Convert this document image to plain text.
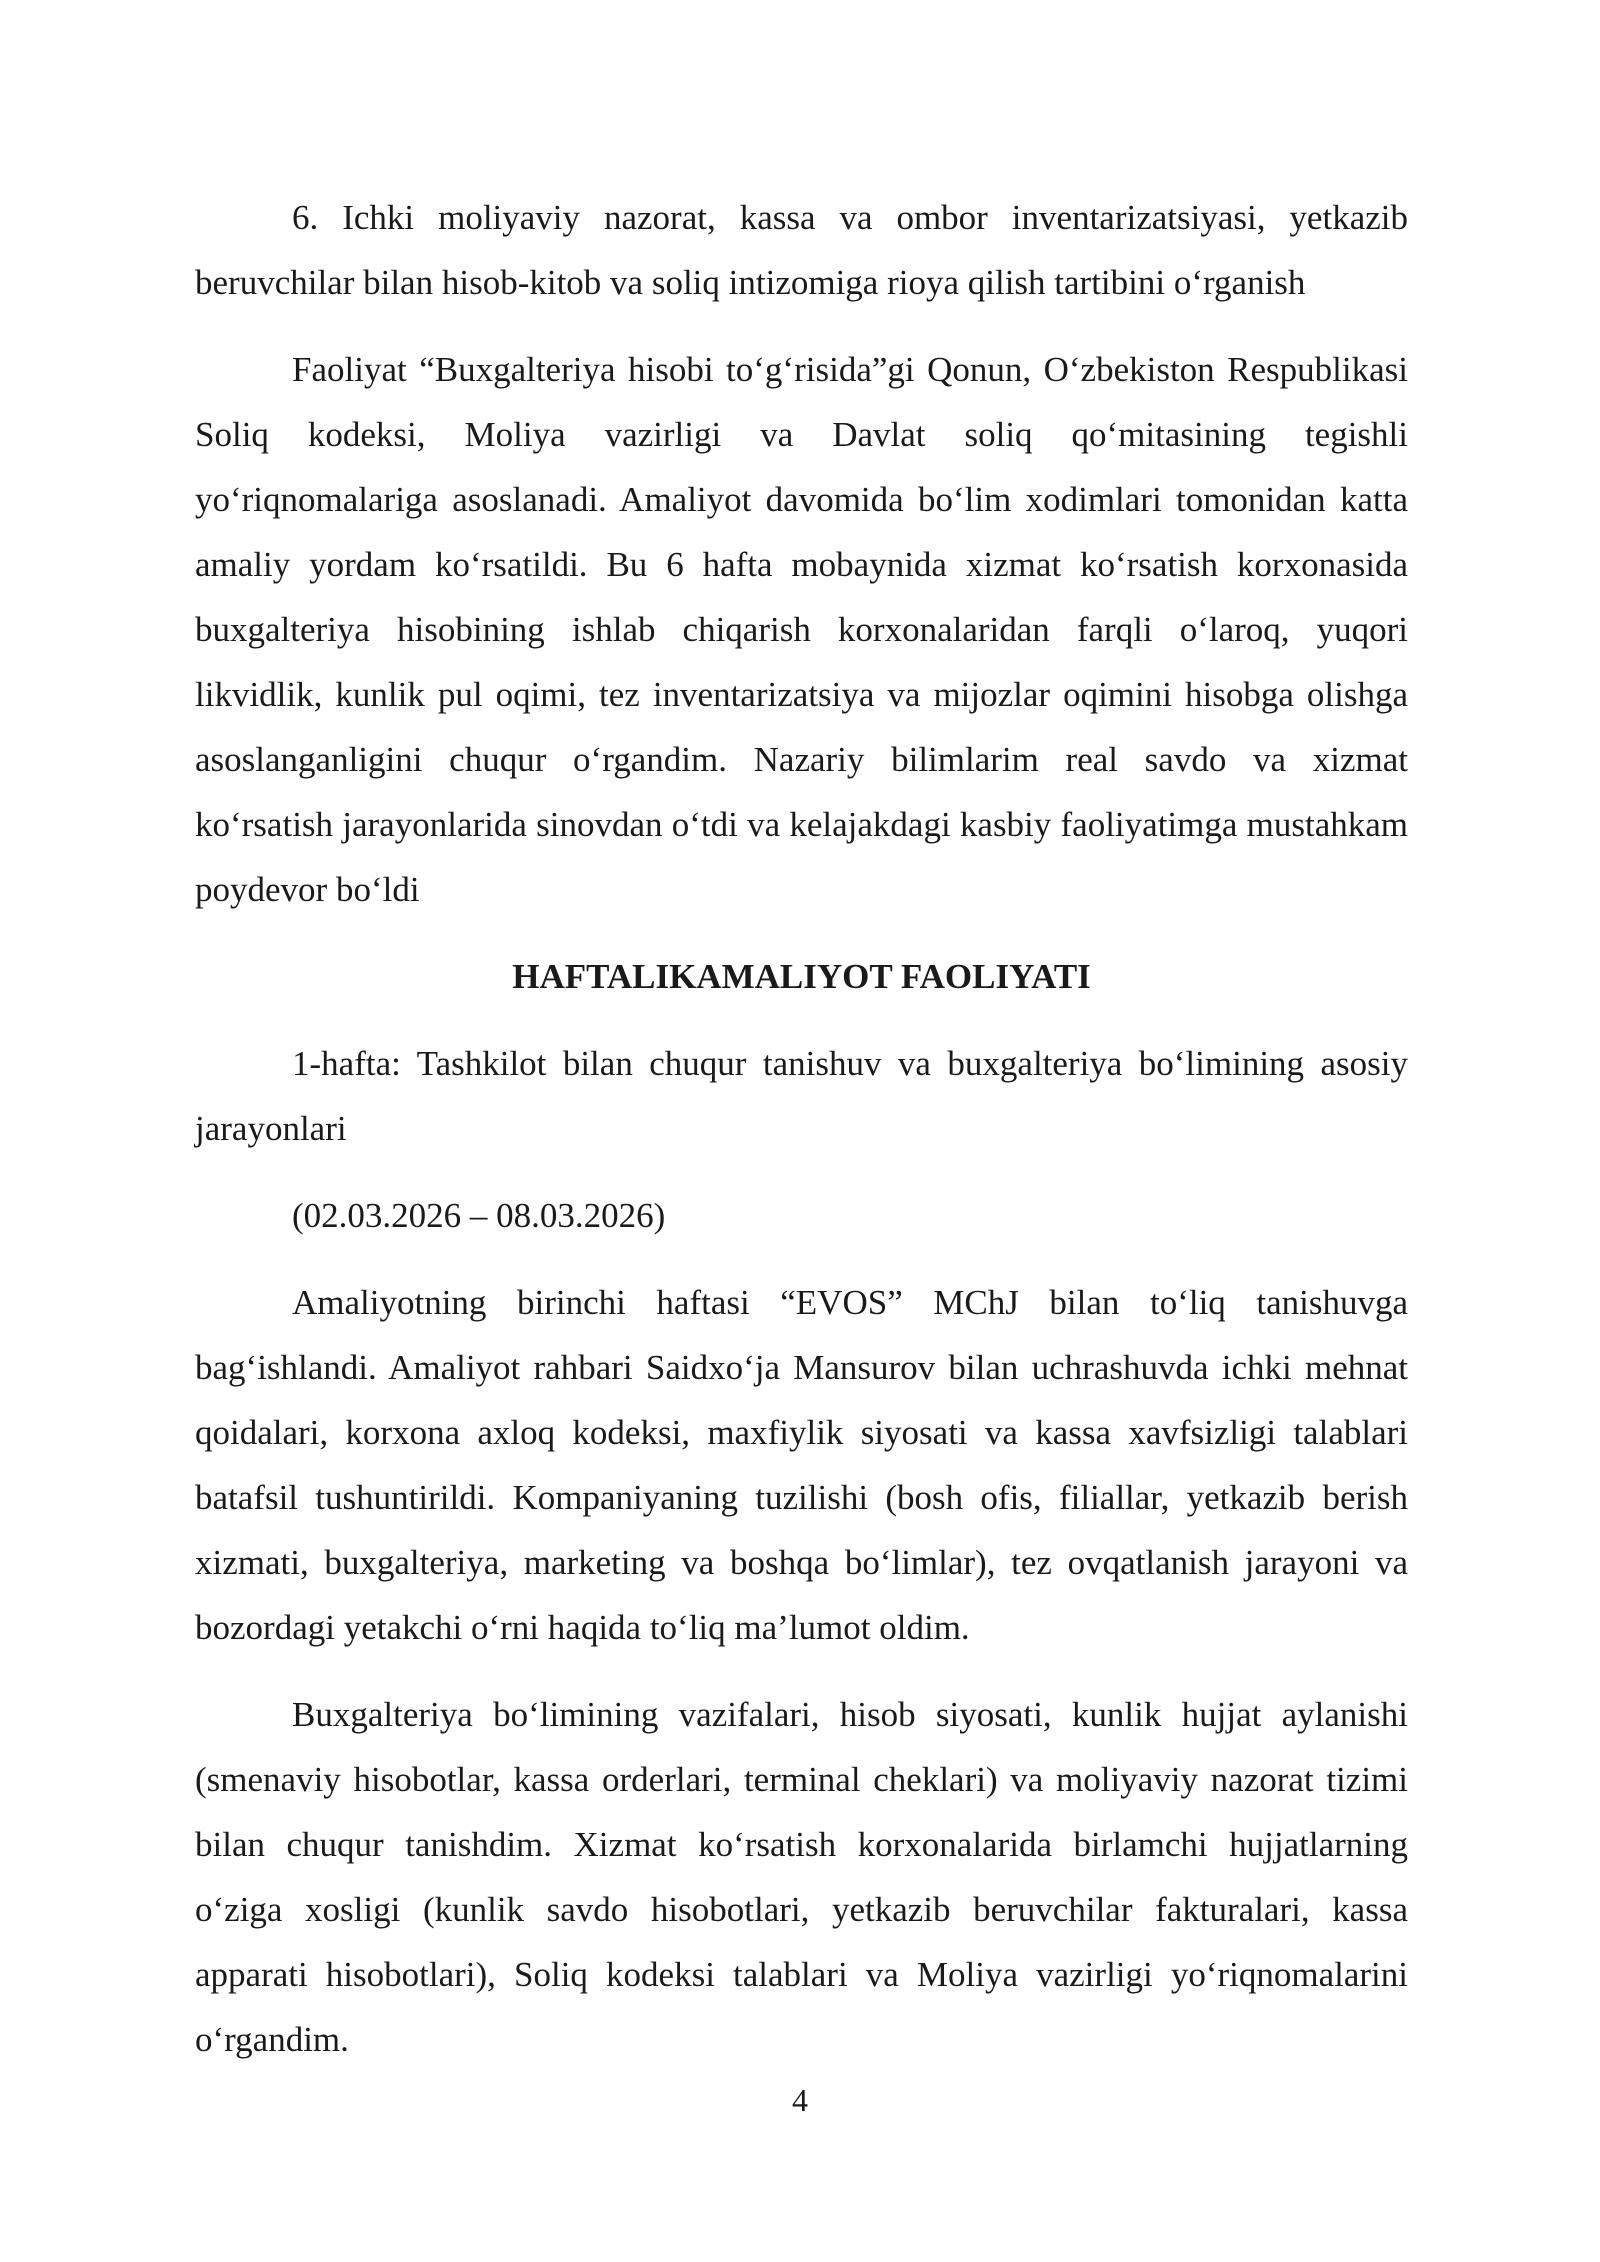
6. Ichki moliyaviy nazorat, kassa va ombor inventarizatsiyasi, yetkazib beruvchilar bilan hisob-kitob va soliq intizomiga rioya qilish tartibini o‘rganish

Faoliyat “Buxgalteriya hisobi to‘g‘risida”gi Qonun, O‘zbekiston Respublikasi Soliq kodeksi, Moliya vazirligi va Davlat soliq qo‘mitasining tegishli yo‘riqnomalariga asoslanadi. Amaliyot davomida bo‘lim xodimlari tomonidan katta amaliy yordam ko‘rsatildi. Bu 6 hafta mobaynida xizmat ko‘rsatish korxonasida buxgalteriya hisobining ishlab chiqarish korxonalaridan farqli o‘laroq, yuqori likvidlik, kunlik pul oqimi, tez inventarizatsiya va mijozlar oqimini hisobga olishga asoslanganligini chuqur o‘rgandim. Nazariy bilimlarim real savdo va xizmat ko‘rsatish jarayonlarida sinovdan o‘tdi va kelajakdagi kasbiy faoliyatimga mustahkam poydevor bo‘ldi

HAFTALIKAMALIYOT FAOLIYATI

1-hafta: Tashkilot bilan chuqur tanishuv va buxgalteriya bo‘limining asosiy jarayonlari

(02.03.2026 – 08.03.2026)

Amaliyotning birinchi haftasi “EVOS” MChJ bilan to‘liq tanishuvga bag‘ishlandi. Amaliyot rahbari Saidxo‘ja Mansurov bilan uchrashuvda ichki mehnat qoidalari, korxona axloq kodeksi, maxfiylik siyosati va kassa xavfsizligi talablari batafsil tushuntirildi. Kompaniyaning tuzilishi (bosh ofis, filiallar, yetkazib berish xizmati, buxgalteriya, marketing va boshqa bo‘limlar), tez ovqatlanish jarayoni va bozordagi yetakchi o‘rni haqida to‘liq ma’lumot oldim.

Buxgalteriya bo‘limining vazifalari, hisob siyosati, kunlik hujjat aylanishi (smenaviy hisobotlar, kassa orderlari, terminal cheklari) va moliyaviy nazorat tizimi bilan chuqur tanishdim. Xizmat ko‘rsatish korxonalarida birlamchi hujjatlarning o‘ziga xosligi (kunlik savdo hisobotlari, yetkazib beruvchilar fakturalari, kassa apparati hisobotlari), Soliq kodeksi talablari va Moliya vazirligi yo‘riqnomalarini o‘rgandim.

4
